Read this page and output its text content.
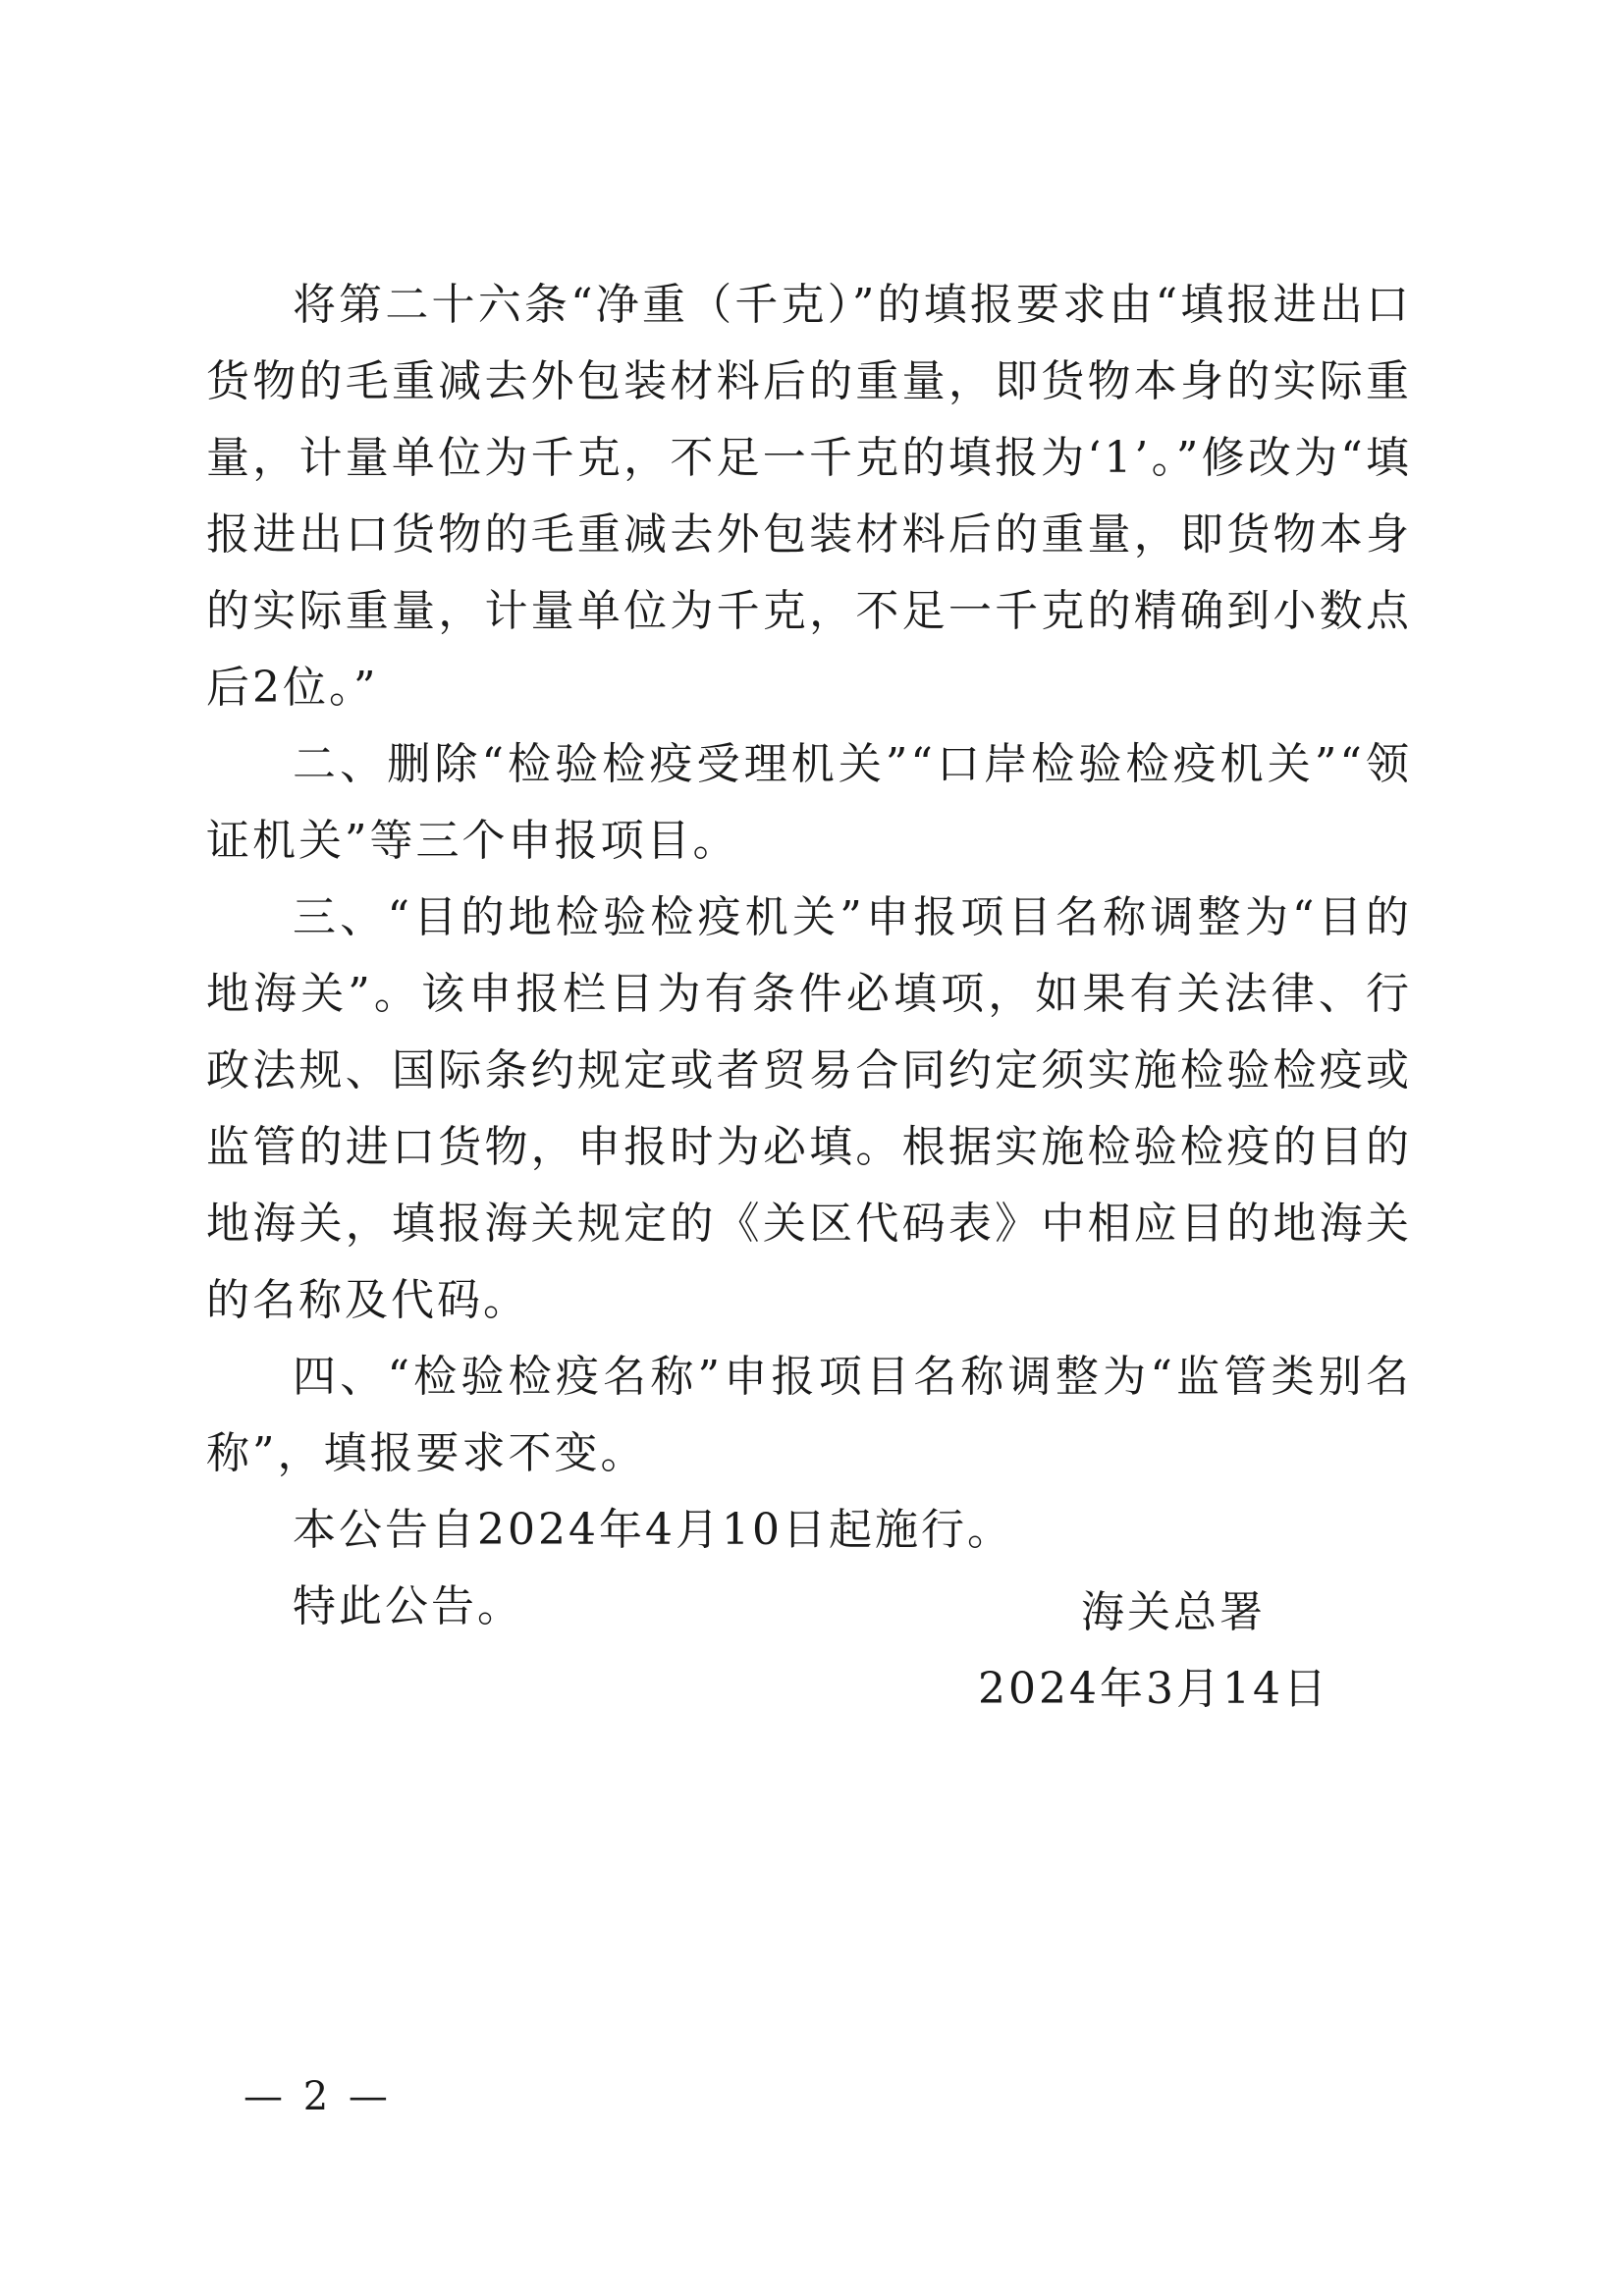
将第二十六条“净重（千克）”的填报要求由“填报进出口货物的毛重减去外包装材料后的重量，即货物本身的实际重量，计量单位为千克，不足一千克的填报为‘1’。”修改为“填报进出口货物的毛重减去外包装材料后的重量，即货物本身的实际重量，计量单位为千克，不足一千克的精确到小数点后2位。”

二、删除“检验检疫受理机关”“口岸检验检疫机关”“领证机关”等三个申报项目。

三、“目的地检验检疫机关”申报项目名称调整为“目的地海关”。该申报栏目为有条件必填项，如果有关法律、行政法规、国际条约规定或者贸易合同约定须实施检验检疫或监管的进口货物，申报时为必填。根据实施检验检疫的目的地海关，填报海关规定的《关区代码表》中相应目的地海关的名称及代码。

四、“检验检疫名称”申报项目名称调整为“监管类别名称”，填报要求不变。

本公告自2024年4月10日起施行。

特此公告。	海关总署
2024年3月14日
— 2 —
